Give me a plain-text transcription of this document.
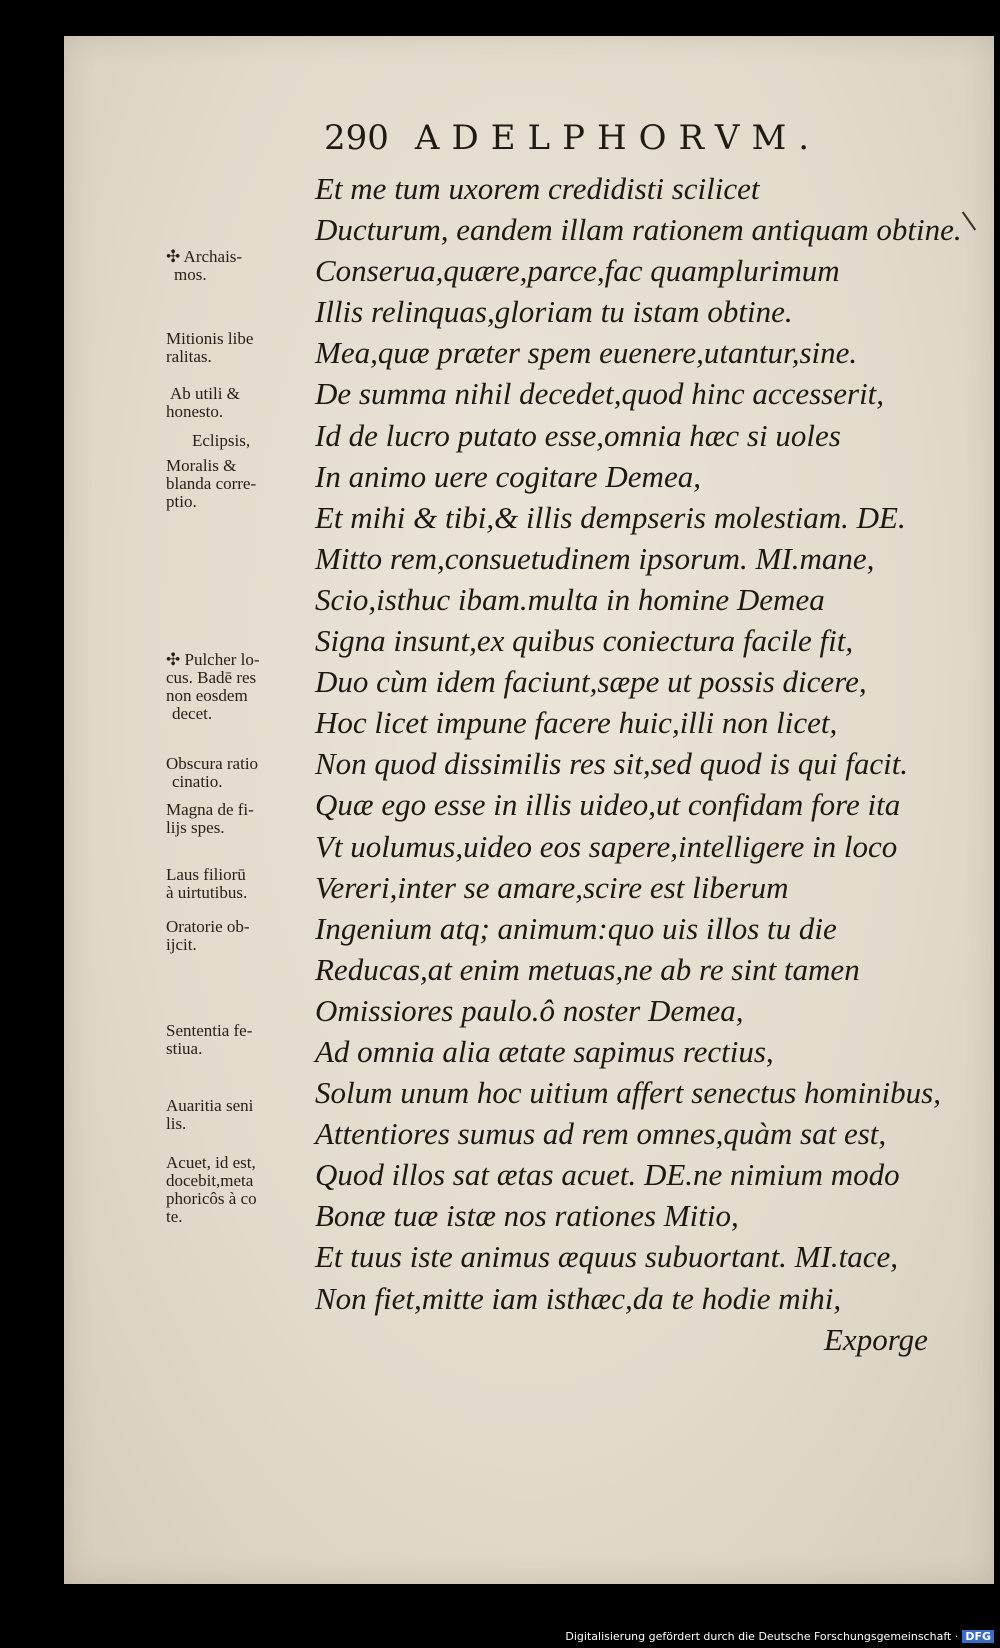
290 ADELPHORVM.
Et me tum uxorem credidisti scilicet
Ducturum, eandem illam rationem antiquam obtine.
Conserua,quære,parce,fac quamplurimum
Illis relinquas,gloriam tu istam obtine.
Mea,quæ præter spem euenere,utantur,sine.
De summa nihil decedet,quod hinc accesserit,
Id de lucro putato esse,omnia hæc si uoles
In animo uere cogitare Demea,
Et mihi & tibi,& illis dempseris molestiam. DE.
Mitto rem,consuetudinem ipsorum. MI.mane,
Scio,isthuc ibam.multa in homine Demea
Signa insunt,ex quibus coniectura facile fit,
Duo cùm idem faciunt,sæpe ut possis dicere,
Hoc licet impune facere huic,illi non licet,
Non quod dissimilis res sit,sed quod is qui facit.
Quæ ego esse in illis uideo,ut confidam fore ita
Vt uolumus,uideo eos sapere,intelligere in loco
Vereri,inter se amare,scire est liberum
Ingenium atq; animum:quo uis illos tu die
Reducas,at enim metuas,ne ab re sint tamen
Omissiores paulo.ô noster Demea,
Ad omnia alia ætate sapimus rectius,
Solum unum hoc uitium affert senectus hominibus,
Attentiores sumus ad rem omnes,quàm sat est,
Quod illos sat ætas acuet. DE.ne nimium modo
Bonæ tuæ istæ nos rationes Mitio,
Et tuus iste animus æquus subuortant. MI.tace,
Non fiet,mitte iam isthæc,da te hodie mihi,
Exporge
✣ Archais-
mos.
Mitionis libe
ralitas.
Ab utili &
honesto.
Eclipsis,
Moralis &
blanda corre-
ptio.
✣ Pulcher lo-
cus. Badē res
non eosdem
decet.
Obscura ratio
cinatio.
Magna de fi-
lijs spes.
Laus filiorū
à uirtutibus.
Oratorie ob-
ijcit.
Sententia fe-
stiua.
Auaritia seni
lis.
Acuet, id est,
docebit,meta
phoricôs à co
te.
Digitalisierung gefördert durch die Deutsche Forschungsgemeinschaft · DFG
